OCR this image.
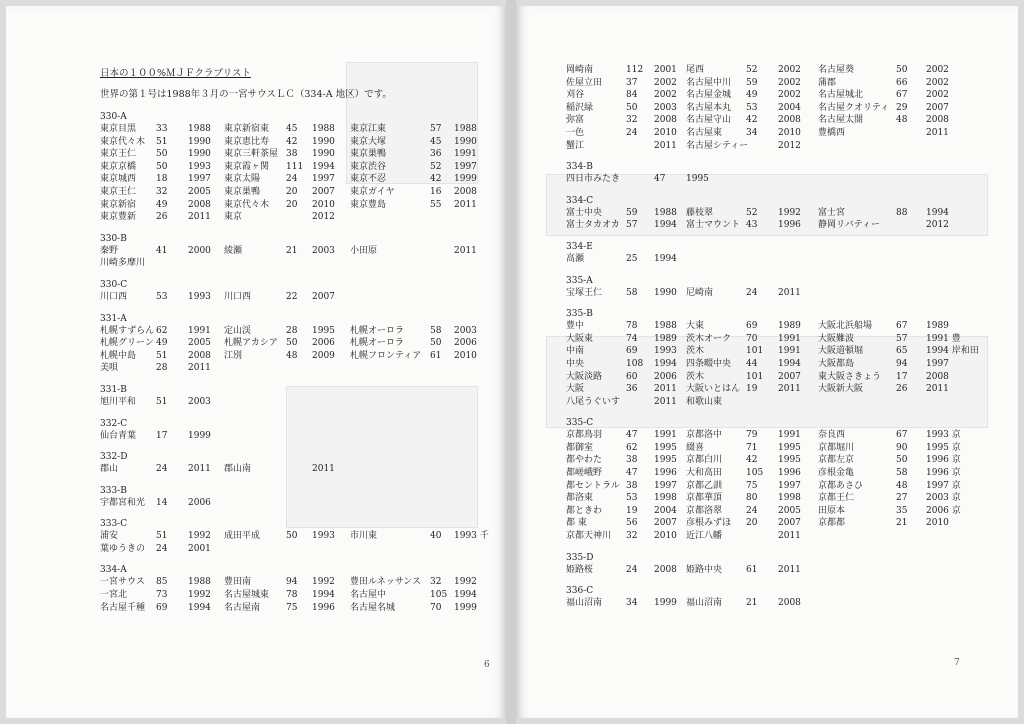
日本の１００%ＭＪＦクラブリスト
世界の第１号は1988年３月の一宮サウスＬＣ（334-A 地区）です。
330-A
東京目黒 33 1988 東京新宿東 45 1988 東京江東	57 1988
東京代々木 51 1990 東京恵比寿 42 1990 東京大塚	45 1990
東京王仁 50 1990 東京三軒茶屋 38 1990 東京巣鴨	36 1991
東京京橋 50 1993 東京霞ヶ関 111 1994 東京渋谷	52 1997
東京城西 18 1997 東京太陽	24 1997 東京不忍	42 1999
東京王仁 32 2005 東京巣鴨	20 2007 東京ガイヤ	16 2008
東京新宿 49 2008 東京代々木 20 2010 東京豊島	55 2011
東京豊新 26 2011 東京	2012
330-B
秦野	41 2000 綾瀬	21 2003 小田原	2011
川崎多摩川
330-C
川口西	53 1993 川口西	22 2007
331-A
札幌すずらん 62 1991 定山渓	28 1995 札幌オーロラ	58 2003
札幌グリーン 49 2005 札幌アカシア 50 2006 札幌オーロラ	50 2006
札幌中島 51 2008 江別	48 2009 札幌フロンティア 61 2010
美唄	28 2011
331-B
旭川平和 51 2003
332-C
仙台青葉 17 1999
332-D
郡山	24 2011 郡山南	2011
333-B
宇都宮和光 14 2006
333-C
浦安	51 1992 成田平成	50 1993 市川東	40 1993 千
葉ゆうきの 24 2001
334-A
一宮サウス 85 1988 豊田南	94 1992 豊田ルネッサンス 32 1992
一宮北	73 1992 名古屋城東 78 1994 名古屋中	105 1994
名古屋千種 69 1994 名古屋南	75 1996 名古屋名城	70 1999
6
岡崎南	112 2001 尾西	52 2002 名古屋葵	50 2002
佐屋立田	37 2002 名古屋中川 59 2002 蒲郡	66 2002
刈谷	84 2002 名古屋金城 49 2002 名古屋城北	67 2002
稲沢緑	50 2003 名古屋本丸 53 2004 名古屋クオリティ 29 2007
弥富	32 2008 名古屋守山 42 2008 名古屋太閤	48 2008
一色	24 2010 名古屋東	34 2010 豊橋西	2011
蟹江	2011 名古屋シティー	2012
334-B
四日市みたき	47 1995
334-C
富士中央	59 1988 藤枝翠	52 1992 富士宮	88 1994
富士タカオカ 57 1994 富士マウント 43 1996 静岡リバティー	2012
334-E
高瀬	25 1994
335-A
宝塚王仁	58 1990 尼崎南	24 2011
335-B
豊中	78 1988 大東	69 1989 大阪北浜船場	67 1989
大阪東	74 1989 茨木オーク 70 1991 大阪難波	57 1991 豊
中南	69 1993 茨木	101 1991 大阪道頓堀	65 1994 岸和田
中央	108 1994 四条畷中央 44 1994 大阪都島	94 1997
大阪淡路	60 2006 茨木	101 2007 東大阪さきょう 17 2008
大阪	36 2011 大阪いとはん 19 2011 大阪新大阪	26 2011
八尾うぐいす	2011 和歌山東
335-C
京都鳥羽	47 1991 京都洛中	79 1991 奈良西	67 1993 京
都御室	62 1995 綴喜	71 1995 京都堀川	90 1995 京
都やわた	38 1995 京都白川	42 1995 京都左京	50 1996 京
都嵯峨野	47 1996 大和高田	105 1996 彦根金亀	58 1996 京
都セントラル 38 1997 京都乙訓	75 1997 京都あさひ	48 1997 京
都洛東	53 1998 京都華頂	80 1998 京都王仁	27 2003 京
都ときわ	19 2004 京都洛翠	24 2005 田原本	35 2006 京
都 東	56 2007 彦根みずほ 20 2007 京都都	21 2010
京都天神川 32 2010 近江八幡	2011
335-D
姫路桜	24 2008 姫路中央	61 2011
336-C
福山沼南	34 1999 福山沼南	21 2008
7
